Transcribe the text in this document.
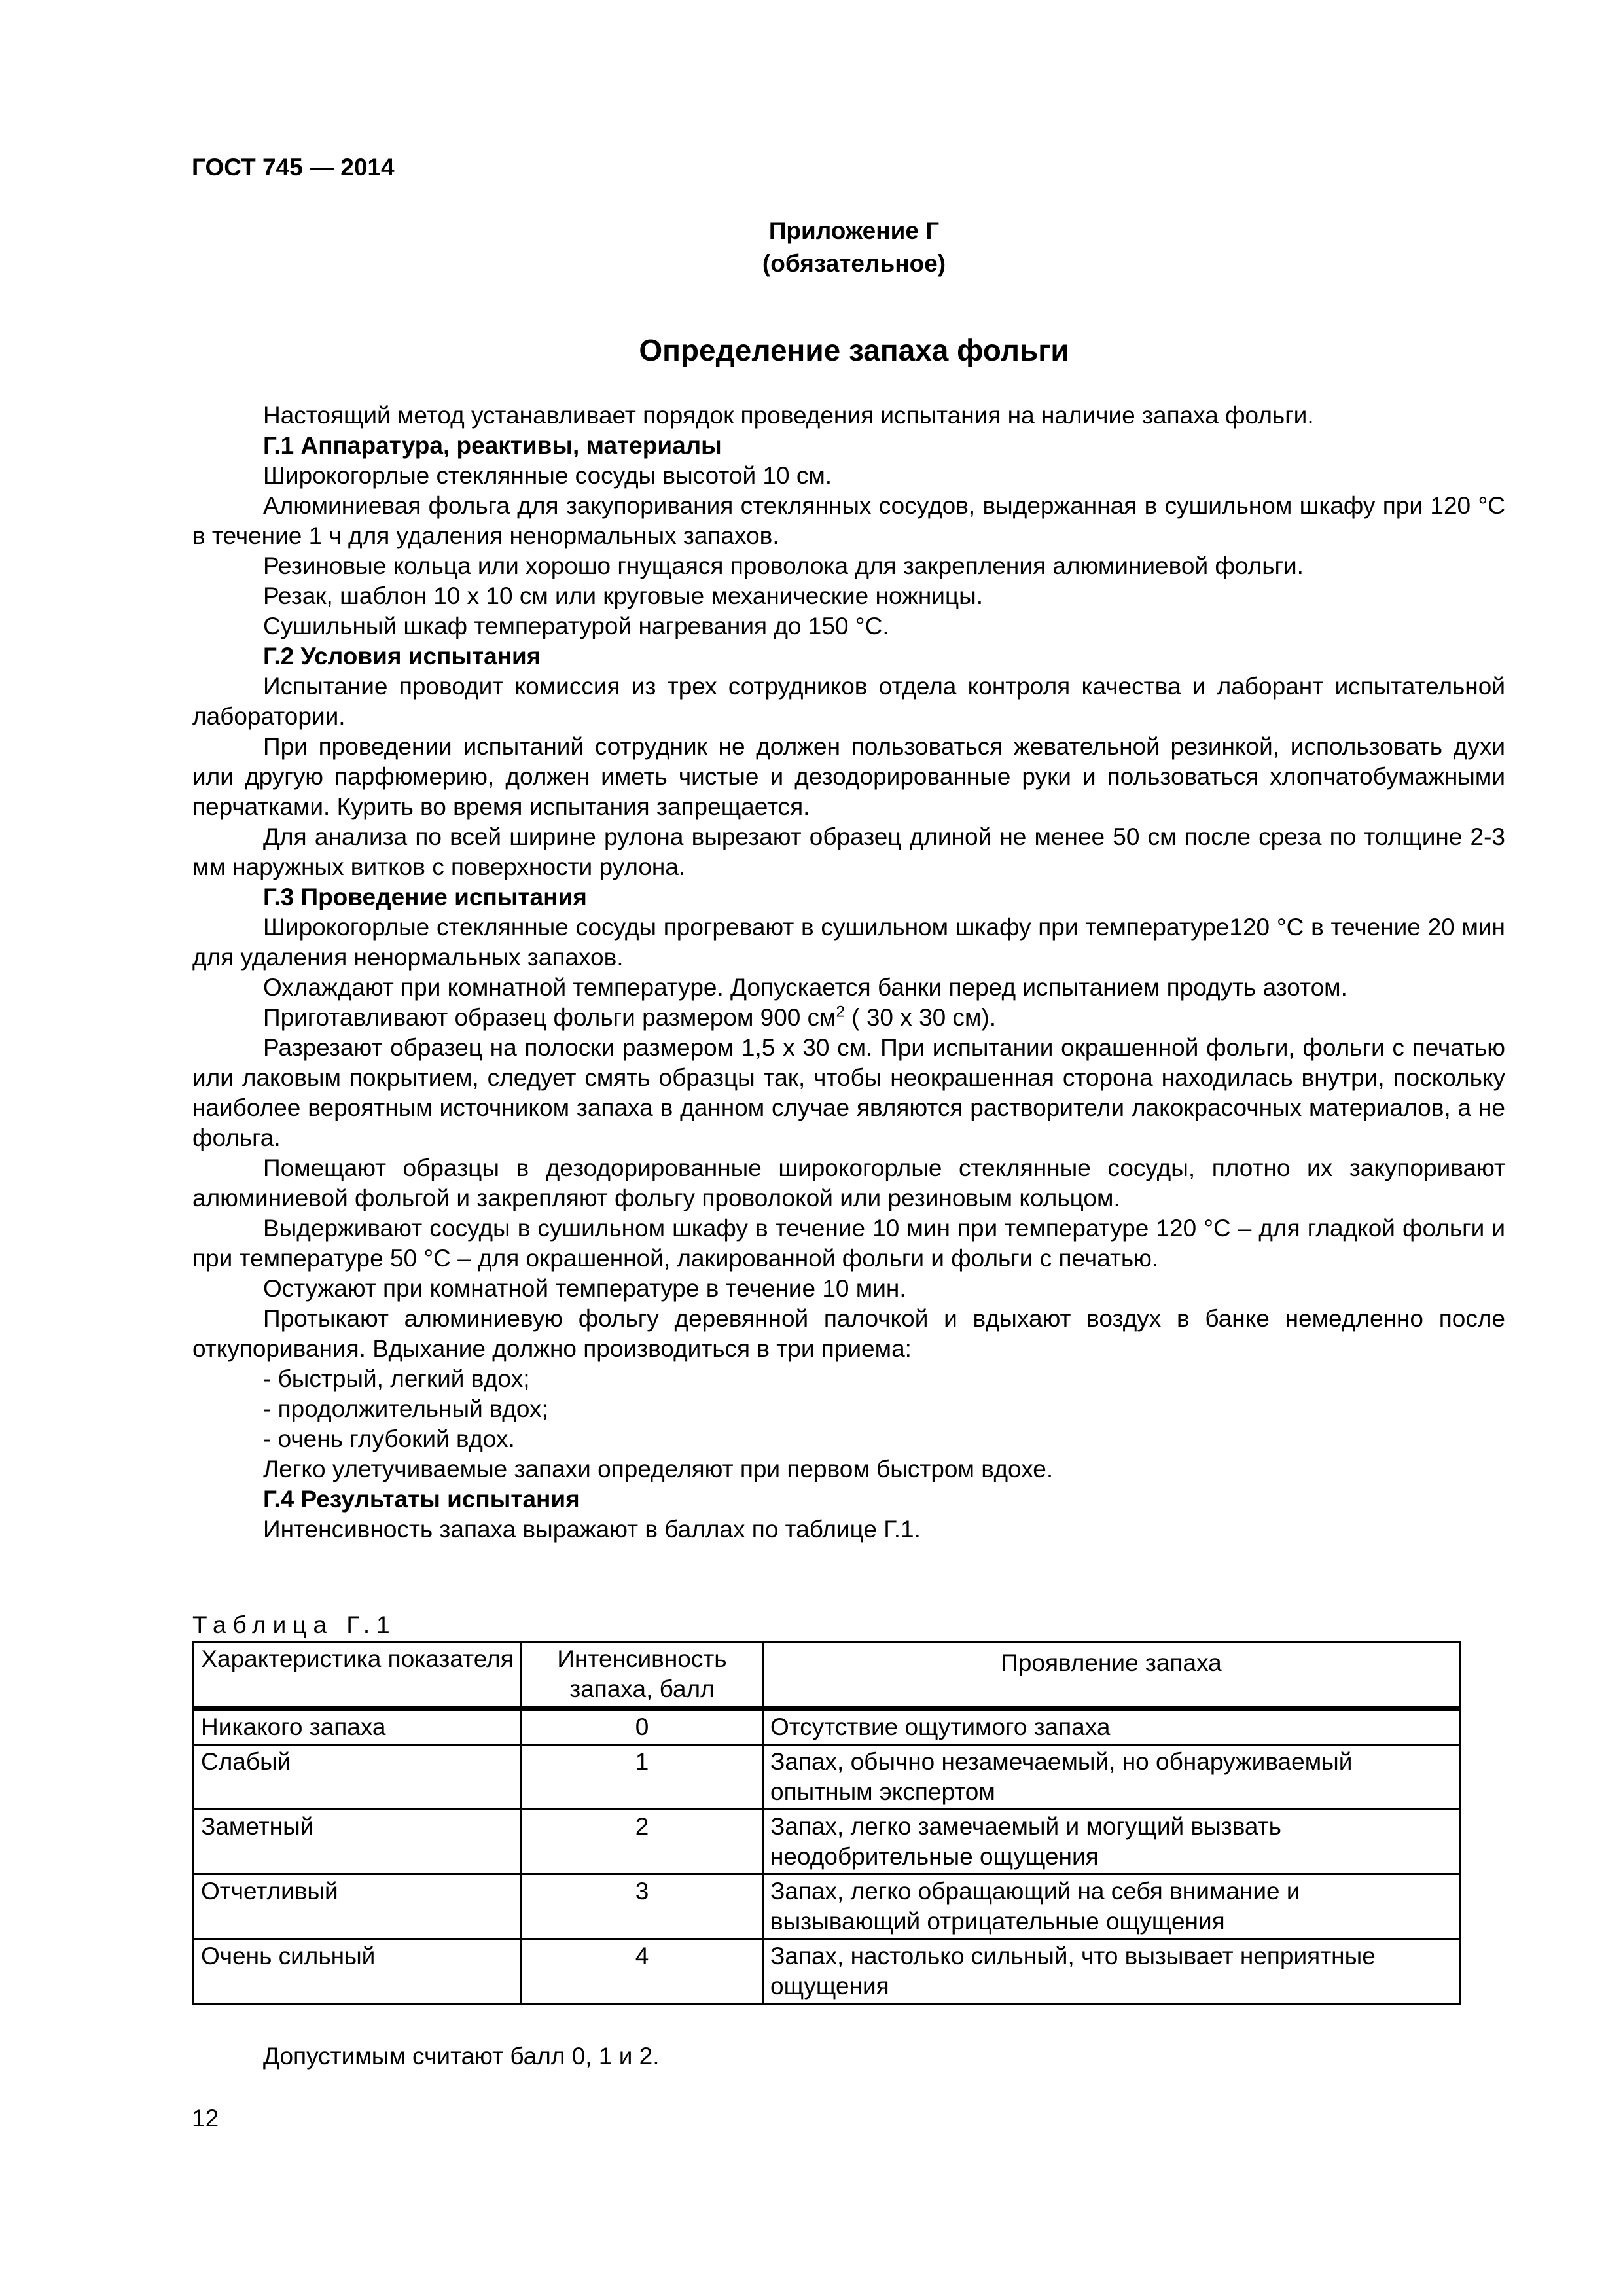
ГОСТ 745 — 2014
Приложение Г
(обязательное)
Определение запаха фольги

Настоящий метод устанавливает порядок проведения испытания на наличие запаха фольги.

Г.1 Аппаратура, реактивы, материалы

Широкогорлые стеклянные сосуды высотой 10 см.

Алюминиевая фольга для закупоривания стеклянных сосудов, выдержанная в сушильном шкафу при 120 °С в течение 1 ч для удаления ненормальных запахов.

Резиновые кольца или хорошо гнущаяся проволока для закрепления алюминиевой фольги.

Резак, шаблон 10 х 10 см или круговые механические ножницы.

Сушильный шкаф температурой нагревания до 150 °С.

Г.2 Условия испытания

Испытание проводит комиссия из трех сотрудников отдела контроля качества и лаборант испытательной лаборатории.

При проведении испытаний сотрудник не должен пользоваться жевательной резинкой, использовать духи или другую парфюмерию, должен иметь чистые и дезодорированные руки и пользоваться хлопчатобумажными перчатками. Курить во время испытания запрещается.

Для анализа по всей ширине рулона вырезают образец длиной не менее 50 см после среза по толщине 2-3 мм наружных витков с поверхности рулона.

Г.3 Проведение испытания

Широкогорлые стеклянные сосуды прогревают в сушильном шкафу при температуре120 °С в течение 20 мин для удаления ненормальных запахов.

Охлаждают при комнатной температуре. Допускается банки перед испытанием продуть азотом.

Приготавливают образец фольги размером 900 $см^2$ ( 30 х 30 см).

Разрезают образец на полоски размером 1,5 х 30 см. При испытании окрашенной фольги, фольги с печатью или лаковым покрытием, следует смять образцы так, чтобы неокрашенная сторона находилась внутри, поскольку наиболее вероятным источником запаха в данном случае являются растворители лакокрасочных материалов, а не фольга.

Помещают образцы в дезодорированные широкогорлые стеклянные сосуды, плотно их закупоривают алюминиевой фольгой и закрепляют фольгу проволокой или резиновым кольцом.

Выдерживают сосуды в сушильном шкафу в течение 10 мин при температуре 120 °С – для гладкой фольги и при температуре 50 °С – для окрашенной, лакированной фольги и фольги с печатью.

Остужают при комнатной температуре в течение 10 мин.

Протыкают алюминиевую фольгу деревянной палочкой и вдыхают воздух в банке немедленно после откупоривания. Вдыхание должно производиться в три приема:

- быстрый, легкий вдох;

- продолжительный вдох;

- очень глубокий вдох.

Легко улетучиваемые запахи определяют при первом быстром вдохе.

Г.4 Результаты испытания

Интенсивность запаха выражают в баллах по таблице Г.1.

Таблица Г.1
Характеристика показателя	Интенсивность запаха, балл	Проявление запаха
Никакого запаха	0	Отсутствие ощутимого запаха
Слабый	1	Запах, обычно незамечаемый, но обнаруживаемый опытным экспертом
Заметный	2	Запах, легко замечаемый и могущий вызвать неодобрительные ощущения
Отчетливый	3	Запах, легко обращающий на себя внимание и вызывающий отрицательные ощущения
Очень сильный	4	Запах, настолько сильный, что вызывает неприятные ощущения
Допустимым считают балл 0, 1 и 2.
12
